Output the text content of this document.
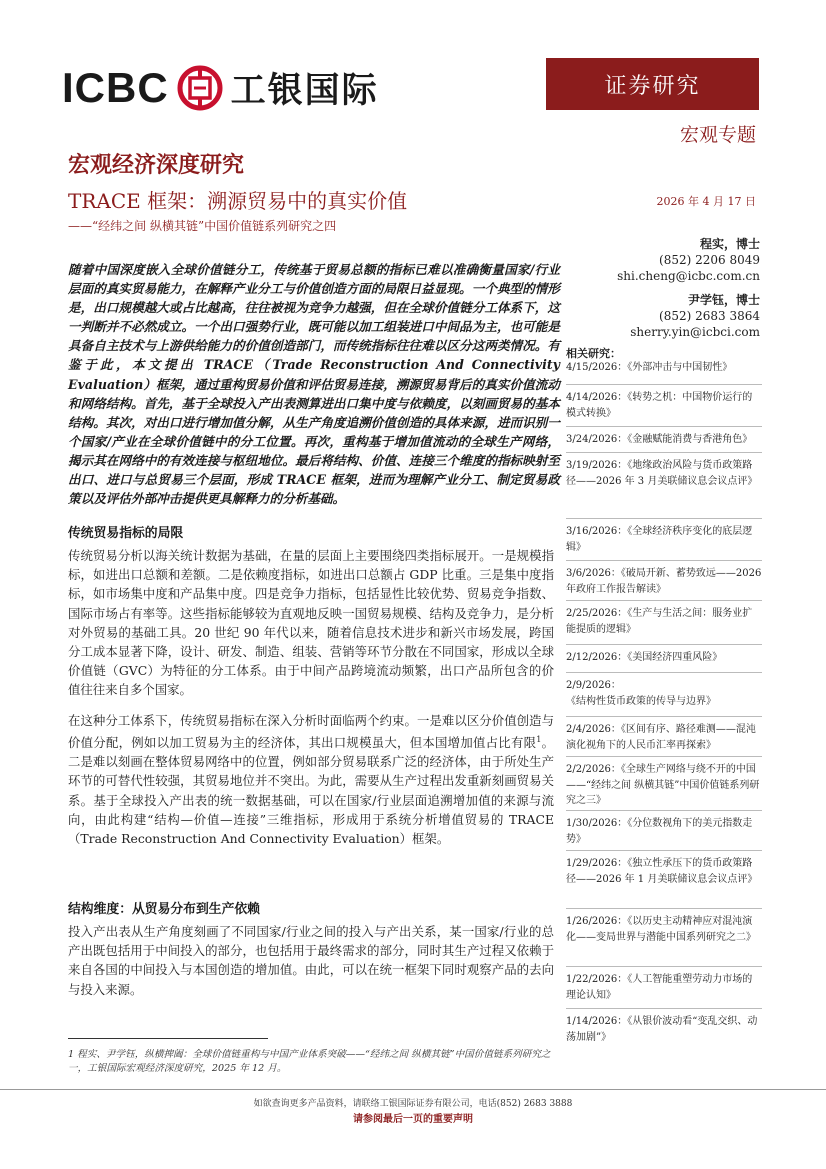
ICBC 工银国际	证券研究
宏观专题
宏观经济深度研究
TRACE 框架：溯源贸易中的真实价值
——“经纬之间 纵横其链”中国价值链系列研究之四
2026 年 4 月 17 日
程实，博士
(852) 2206 8049
shi.cheng@icbc.com.cn
尹学钰，博士
(852) 2683 3864
sherry.yin@icbci.com

随着中国深度嵌入全球价值链分工，传统基于贸易总额的指标已难以准确衡量国家/行业层面的真实贸易能力，在解释产业分工与价值创造方面的局限日益显现。一个典型的情形是，出口规模越大或占比越高，往往被视为竞争力越强，但在全球价值链分工体系下，这一判断并不必然成立。一个出口强势行业，既可能以加工组装进口中间品为主，也可能是具备自主技术与上游供给能力的价值创造部门，而传统指标往往难以区分这两类情况。有鉴于此，本文提出 TRACE（Trade Reconstruction And Connectivity Evaluation）框架，通过重构贸易价值和评估贸易连接，溯源贸易背后的真实价值流动和网络结构。首先，基于全球投入产出表测算进出口集中度与依赖度，以刻画贸易的基本结构。其次，对出口进行增加值分解，从生产角度追溯价值创造的具体来源，进而识别一个国家/产业在全球价值链中的分工位置。再次，重构基于增加值流动的全球生产网络，揭示其在网络中的有效连接与枢纽地位。最后将结构、价值、连接三个维度的指标映射至出口、进口与总贸易三个层面，形成 TRACE 框架，进而为理解产业分工、制定贸易政策以及评估外部冲击提供更具解释力的分析基础。

传统贸易指标的局限

传统贸易分析以海关统计数据为基础，在量的层面上主要围绕四类指标展开。一是规模指标，如进出口总额和差额。二是依赖度指标，如进出口总额占 GDP 比重。三是集中度指标，如市场集中度和产品集中度。四是竞争力指标，包括显性比较优势、贸易竞争指数、国际市场占有率等。这些指标能够较为直观地反映一国贸易规模、结构及竞争力，是分析对外贸易的基础工具。20 世纪 90 年代以来，随着信息技术进步和新兴市场发展，跨国分工成本显著下降，设计、研发、制造、组装、营销等环节分散在不同国家，形成以全球价值链（GVC）为特征的分工体系。由于中间产品跨境流动频繁，出口产品所包含的价值往往来自多个国家。

在这种分工体系下，传统贸易指标在深入分析时面临两个约束。一是难以区分价值创造与价值分配，例如以加工贸易为主的经济体，其出口规模虽大，但本国增加值占比有限$^1$。二是难以刻画在整体贸易网络中的位置，例如部分贸易联系广泛的经济体，由于所处生产环节的可替代性较强，其贸易地位并不突出。为此，需要从生产过程出发重新刻画贸易关系。基于全球投入产出表的统一数据基础，可以在国家/行业层面追溯增加值的来源与流向，由此构建“结构—价值—连接”三维指标，形成用于系统分析增值贸易的 TRACE（Trade Reconstruction And Connectivity Evaluation）框架。

结构维度：从贸易分布到生产依赖

投入产出表从生产角度刻画了不同国家/行业之间的投入与产出关系，某一国家/行业的总产出既包括用于中间投入的部分，也包括用于最终需求的部分，同时其生产过程又依赖于来自各国的中间投入与本国创造的增加值。由此，可以在统一框架下同时观察产品的去向与投入来源。

1 程实、尹学钰，纵横捭阖：全球价值链重构与中国产业体系突破——“经纬之间 纵横其链”中国价值链系列研究之一，工银国际宏观经济深度研究，2025 年 12 月。
相关研究：
4/15/2026：《外部冲击与中国韧性》
4/14/2026：《转势之机：中国物价运行的模式转换》
3/24/2026：《金融赋能消费与香港角色》
3/19/2026：《地缘政治风险与货币政策路径——2026 年 3 月美联储议息会议点评》
3/16/2026：《全球经济秩序变化的底层逻辑》
3/6/2026：《破局开新、蓄势致远——2026 年政府工作报告解读》
2/25/2026：《生产与生活之间：服务业扩能提质的逻辑》
2/12/2026：《美国经济四重风险》
2/9/2026：《结构性货币政策的传导与边界》
2/4/2026：《区间有序、路径难测——混沌演化视角下的人民币汇率再探索》
2/2/2026：《全球生产网络与绕不开的中国——“经纬之间 纵横其链”中国价值链系列研究之三》
1/30/2026：《分位数视角下的美元指数走势》
1/29/2026：《独立性承压下的货币政策路径——2026 年 1 月美联储议息会议点评》
1/26/2026：《以历史主动精神应对混沌演化——变局世界与潜能中国系列研究之二》
1/22/2026：《人工智能重塑劳动力市场的理论认知》
1/14/2026：《从银价波动看“变乱交织、动荡加剧”》
如欲查询更多产品资料，请联络工银国际证券有限公司，电话(852) 2683 3888
请参阅最后一页的重要声明
